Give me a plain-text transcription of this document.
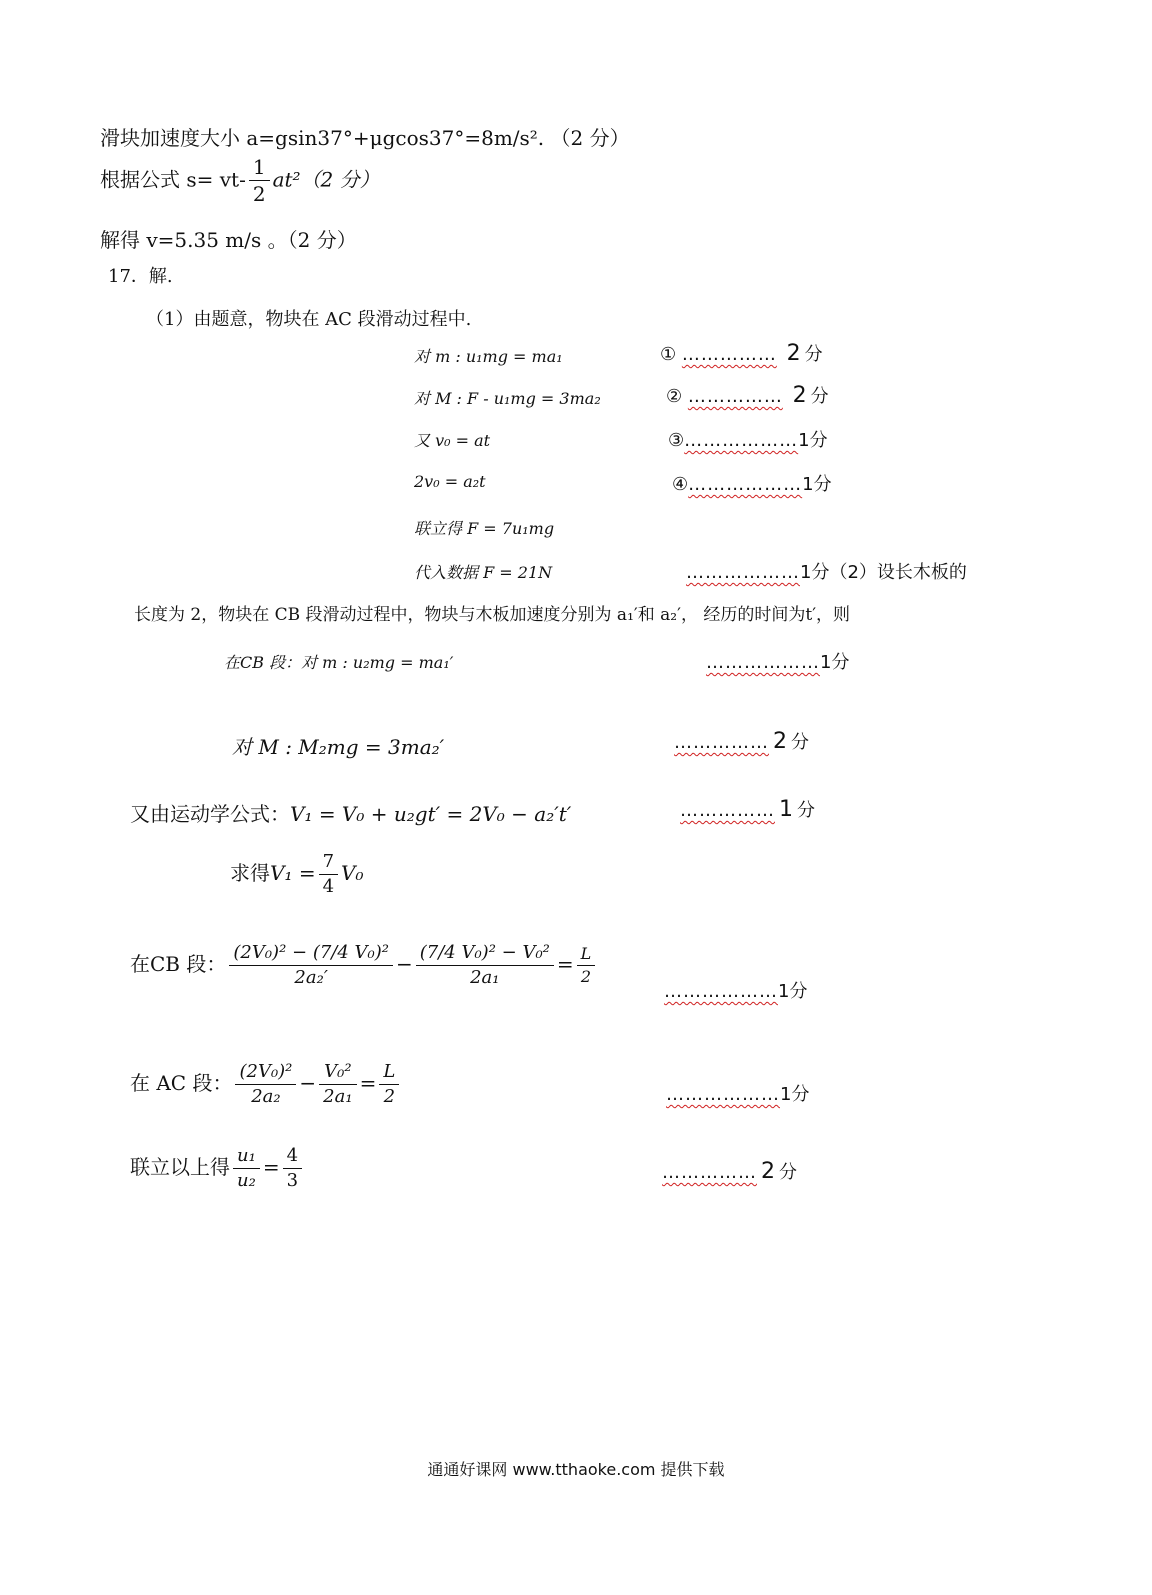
滑块加速度大小 a=gsin37°+μgcos37°=8m/s². （2 分）
根据公式 $s= vt- \frac{1}{2} at^2(2$ 分）
解得 v=5.35 m/s 。（2 分）
17．解.
（1）由题意，物块在 AC 段滑动过程中.
对 m : u₁mg = ma₁	① …………… 2 分
对 M : F - u₁mg = 3ma₂	② …………… 2 分
又 v₀ = at	③………………1分
2v₀ = a₂t	④………………1分
联立得 F = 7u₁mg
代入数据 F = 21N	………………1分（2）设长木板的
长度为 2，物块在 CB 段滑动过程中，物块与木板加速度分别为 a₁′和 a₂′， 经历的时间为t′，则
在CB 段：对 m : u₂mg = ma₁′	………………1分
对 M : M₂mg = 3ma₂′	…………… 2 分
又由运动学公式：V₁ = V₀ + u₂gt′ = 2V₀ − a₂′t′	…………… 1 分
求得$V_1 = \frac{7}{4} V_0$
在CB 段： $\frac{\text{(2V₀)² − (7/4 V₀)²}}{\text{2a₂′}} - \frac{\text{(7/4 V₀)² − V₀²}}{\text{2a₁}} = \frac{L}{2}$
………………1分
在 AC 段： $\frac{\text{(2V₀)²}}{\text{2a₂}} - \frac{\text{V₀²}}{\text{2a₁}} = \frac{L}{2}$	………………1分
联立以上得 $\frac{\text{u₁}}{\text{u₂}} = \frac{4}{3}$	…………… 2 分
通通好课网 www.tthaoke.com 提供下载
